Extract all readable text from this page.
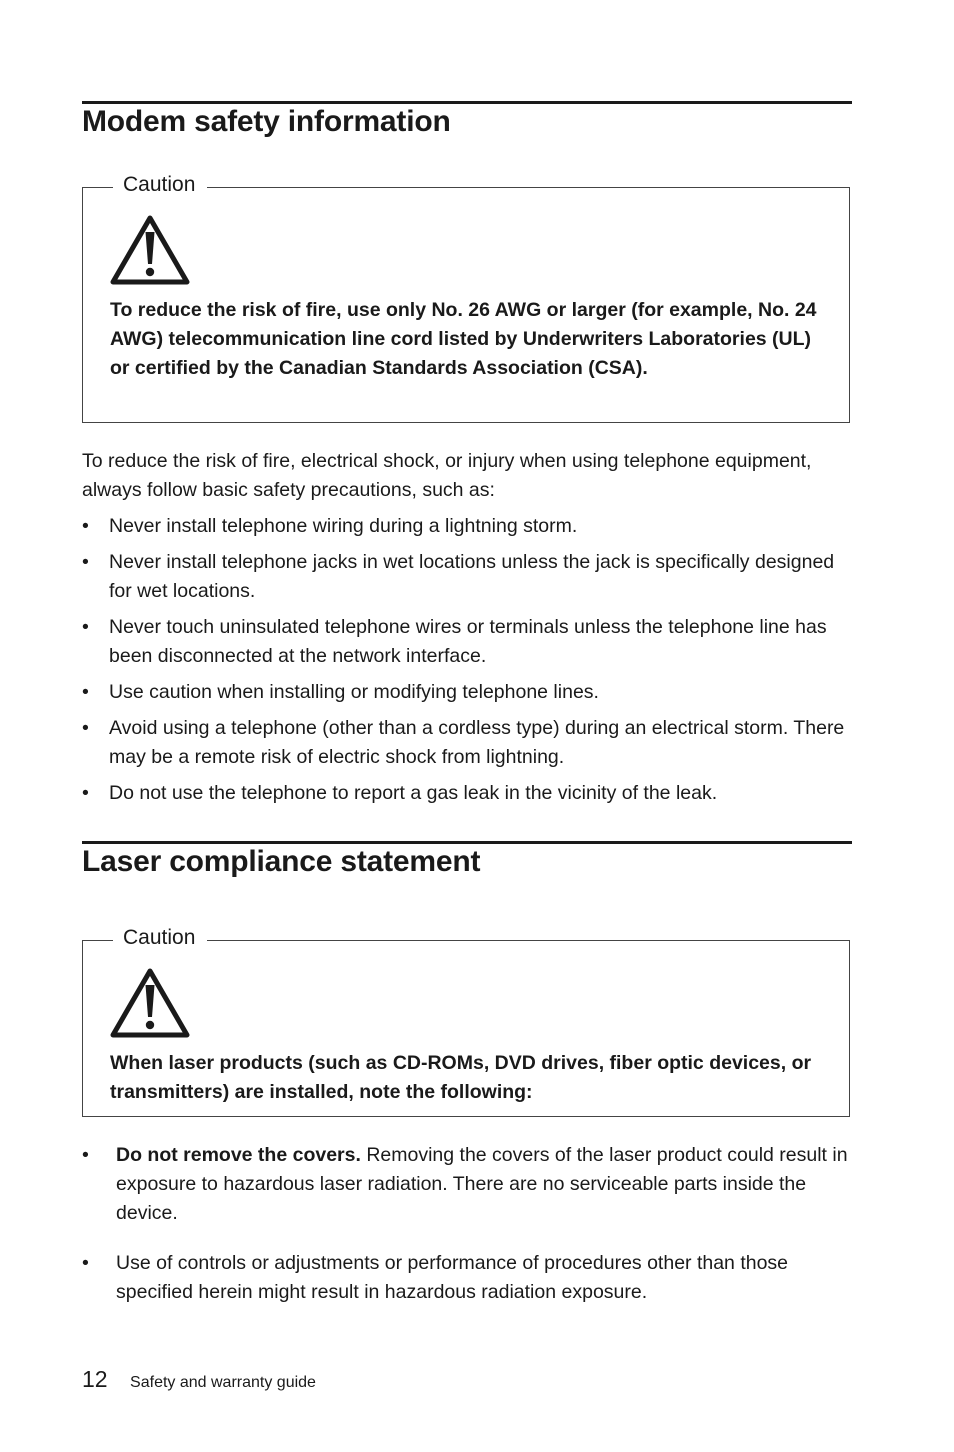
Modem safety information
Caution

To reduce the risk of fire, use only No. 26 AWG or larger (for example, No. 24 AWG) telecommunication line cord listed by Underwriters Laboratories (UL) or certified by the Canadian Standards Association (CSA).

To reduce the risk of fire, electrical shock, or injury when using telephone equipment, always follow basic safety precautions, such as:

• Never install telephone wiring during a lightning storm.
• Never install telephone jacks in wet locations unless the jack is specifically designed for wet locations.
• Never touch uninsulated telephone wires or terminals unless the telephone line has been disconnected at the network interface.
• Use caution when installing or modifying telephone lines.
• Avoid using a telephone (other than a cordless type) during an electrical storm. There may be a remote risk of electric shock from lightning.
• Do not use the telephone to report a gas leak in the vicinity of the leak.
Laser compliance statement
Caution

When laser products (such as CD-ROMs, DVD drives, fiber optic devices, or transmitters) are installed, note the following:

• Do not remove the covers. Removing the covers of the laser product could result in exposure to hazardous laser radiation. There are no serviceable parts inside the device.
• Use of controls or adjustments or performance of procedures other than those specified herein might result in hazardous radiation exposure.
12 Safety and warranty guide
